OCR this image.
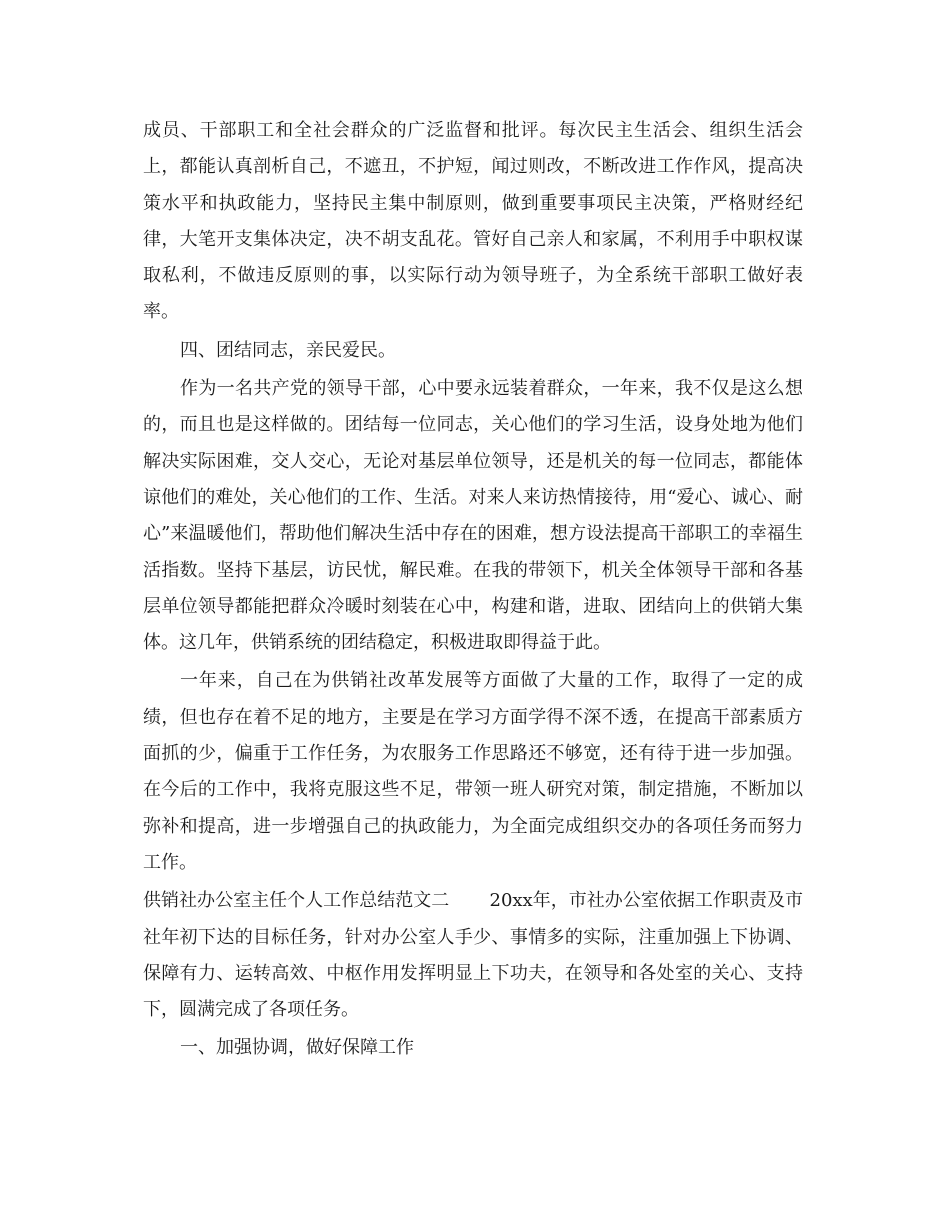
成员、干部职工和全社会群众的广泛监督和批评。每次民主生活会、组织生活会上，都能认真剖析自己，不遮丑，不护短，闻过则改，不断改进工作作风，提高决策水平和执政能力，坚持民主集中制原则，做到重要事项民主决策，严格财经纪律，大笔开支集体决定，决不胡支乱花。管好自己亲人和家属，不利用手中职权谋取私利，不做违反原则的事，以实际行动为领导班子，为全系统干部职工做好表率。

四、团结同志，亲民爱民。

作为一名共产党的领导干部，心中要永远装着群众，一年来，我不仅是这么想的，而且也是这样做的。团结每一位同志，关心他们的学习生活，设身处地为他们解决实际困难，交人交心，无论对基层单位领导，还是机关的每一位同志，都能体谅他们的难处，关心他们的工作、生活。对来人来访热情接待，用“爱心、诚心、耐心”来温暖他们，帮助他们解决生活中存在的困难，想方设法提高干部职工的幸福生活指数。坚持下基层，访民忧，解民难。在我的带领下，机关全体领导干部和各基层单位领导都能把群众冷暖时刻装在心中，构建和谐，进取、团结向上的供销大集体。这几年，供销系统的团结稳定，积极进取即得益于此。

一年来，自己在为供销社改革发展等方面做了大量的工作，取得了一定的成绩，但也存在着不足的地方，主要是在学习方面学得不深不透，在提高干部素质方面抓的少，偏重于工作任务，为农服务工作思路还不够宽，还有待于进一步加强。在今后的工作中，我将克服这些不足，带领一班人研究对策，制定措施，不断加以弥补和提高，进一步增强自己的执政能力，为全面完成组织交办的各项任务而努力工作。

供销社办公室主任个人工作总结范文二 20xx年，市社办公室依据工作职责及市社年初下达的目标任务，针对办公室人手少、事情多的实际，注重加强上下协调、保障有力、运转高效、中枢作用发挥明显上下功夫，在领导和各处室的关心、支持下，圆满完成了各项任务。

一、加强协调，做好保障工作
